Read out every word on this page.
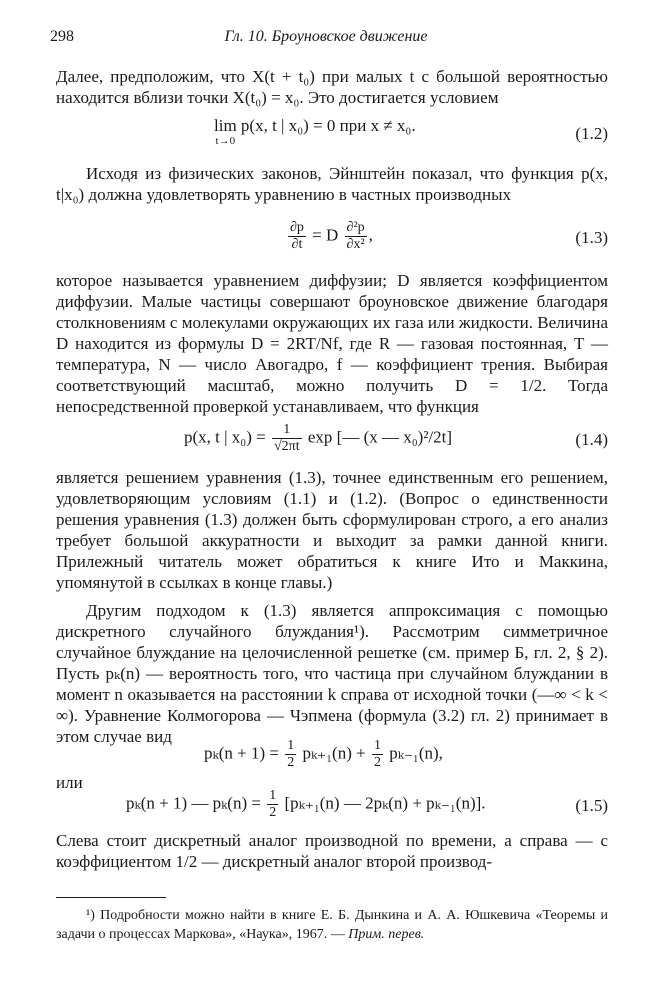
298	Гл. 10. Броуновское движение

Далее, предположим, что X(t + t₀) при малых t с большой вероятностью находится вблизи точки X(t₀) = x₀. Это достигается условием

lim
t→0
p(x, t | x₀) = 0 при x ≠ x₀.	(1.2)

Исходя из физических законов, Эйнштейн показал, что функция p(x, t|x₀) должна удовлетворять уравнению в частных производных

$\frac{\partial p}{\partial t} = D \frac{\text{∂²p}}{\text{∂x²}}$ ,	(1.3)

которое называется уравнением диффузии; D является коэффициентом диффузии. Малые частицы совершают броуновское движение благодаря столкновениям с молекулами окружающих их газа или жидкости. Величина D находится из формулы D = 2RT/Nf, где R — газовая постоянная, T — температура, N — число Авогадро, f — коэффициент трения. Выбирая соответствующий масштаб, можно получить D = 1/2. Тогда непосредственной проверкой устанавливаем, что функция

p(x, t | $x_0) = \frac{1}{√2\pi t}$ exp [— (x — x₀)²/2t]	(1.4)

является решением уравнения (1.3), точнее единственным его решением, удовлетворяющим условиям (1.1) и (1.2). (Вопрос о единственности решения уравнения (1.3) должен быть сформулирован строго, а его анализ требует большой аккуратности и выходит за рамки данной книги. Прилежный читатель может обратиться к книге Ито и Маккина, упомянутой в ссылках в конце главы.)

Другим подходом к (1.3) является аппроксимация с помощью дискретного случайного блуждания¹). Рассмотрим симметричное случайное блуждание на целочисленной решетке (см. пример Б, гл. 2, § 2). Пусть pₖ(n) — вероятность того, что частица при случайном блуждании в момент n оказывается на расстоянии k справа от исходной точки (—∞ < k < ∞). Уравнение Колмогорова — Чэпмена (формула (3.2) гл. 2) принимает в этом случае вид

$p_k(n + 1) = \frac{1}{2} p_{k+1}(n) + \frac{1}{2} p_{k-1}(n)$,

или

pₖ(n + 1) — $p_k(n) = \frac{1}{2} [p_{k+1}(n)$ — 2pₖ(n) + pₖ₋₁(n)].	(1.5)

Слева стоит дискретный аналог производной по времени, а справа — с коэффициентом 1/2 — дискретный аналог второй производ-

¹) Подробности можно найти в книге Е. Б. Дынкина и А. А. Юшкевича «Теоремы и задачи о процессах Маркова», «Наука», 1967. — Прим. перев.
